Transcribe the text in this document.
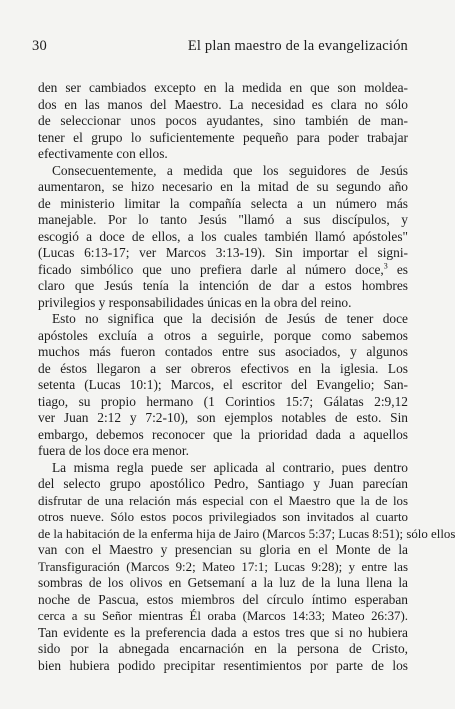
30	El plan maestro de la evangelización
den ser cambiados excepto en la medida en que son moldea-
dos en las manos del Maestro. La necesidad es clara no sólo
de seleccionar unos pocos ayudantes, sino también de man-
tener el grupo lo suficientemente pequeño para poder trabajar
efectivamente con ellos.
Consecuentemente, a medida que los seguidores de Jesús
aumentaron, se hizo necesario en la mitad de su segundo año
de ministerio limitar la compañía selecta a un número más
manejable. Por lo tanto Jesús "llamó a sus discípulos, y
escogió a doce de ellos, a los cuales también llamó apóstoles"
(Lucas 6:13-17; ver Marcos 3:13-19). Sin importar el signi-
ficado simbólico que uno prefiera darle al número doce,$^3$ es
claro que Jesús tenía la intención de dar a estos hombres
privilegios y responsabilidades únicas en la obra del reino.
Esto no significa que la decisión de Jesús de tener doce
apóstoles excluía a otros a seguirle, porque como sabemos
muchos más fueron contados entre sus asociados, y algunos
de éstos llegaron a ser obreros efectivos en la iglesia. Los
setenta (Lucas 10:1); Marcos, el escritor del Evangelio; San-
tiago, su propio hermano (1 Corintios 15:7; Gálatas 2:9,12
ver Juan 2:12 y 7:2-10), son ejemplos notables de esto. Sin
embargo, debemos reconocer que la prioridad dada a aquellos
fuera de los doce era menor.
La misma regla puede ser aplicada al contrario, pues dentro
del selecto grupo apostólico Pedro, Santiago y Juan parecían
disfrutar de una relación más especial con el Maestro que la de los
otros nueve. Sólo estos pocos privilegiados son invitados al cuarto
de la habitación de la enferma hija de Jairo (Marcos 5:37; Lucas 8:51); sólo ellos
van con el Maestro y presencian su gloria en el Monte de la
Transfiguración (Marcos 9:2; Mateo 17:1; Lucas 9:28); y entre las
sombras de los olivos en Getsemaní a la luz de la luna llena la
noche de Pascua, estos miembros del círculo íntimo esperaban
cerca a su Señor mientras Él oraba (Marcos 14:33; Mateo 26:37).
Tan evidente es la preferencia dada a estos tres que si no hubiera
sido por la abnegada encarnación en la persona de Cristo,
bien hubiera podido precipitar resentimientos por parte de los
